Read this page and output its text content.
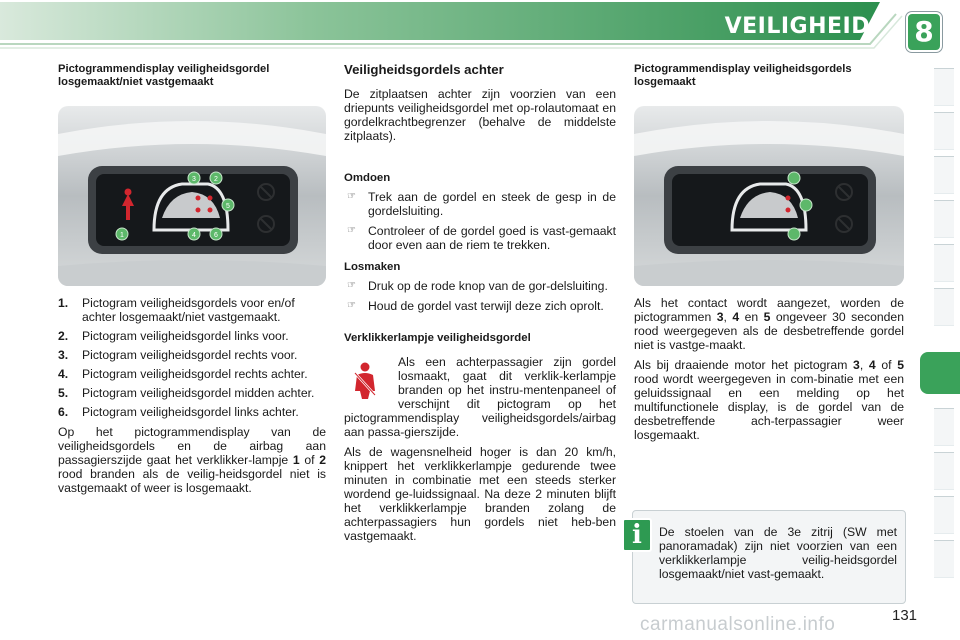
VEILIGHEID 8
Pictogrammendisplay veiligheidsgordel losgemaakt/niet vastgemaakt
3	2
5
4	6
1
1. Pictogram veiligheidsgordels voor en/of achter losgemaakt/niet vastgemaakt.
2. Pictogram veiligheidsgordel links voor.
3. Pictogram veiligheidsgordel rechts voor.
4. Pictogram veiligheidsgordel rechts achter.
5. Pictogram veiligheidsgordel midden achter.
6. Pictogram veiligheidsgordel links achter.

Op het pictogrammendisplay van de veiligheidsgordels en de airbag aan passagierszijde gaat het verklikker-lampje 1 of 2 rood branden als de veilig-heidsgordel niet is vastgemaakt of weer is losgemaakt.

Veiligheidsgordels achter

De zitplaatsen achter zijn voorzien van een driepunts veiligheidsgordel met op-rolautomaat en gordelkrachtbegrenzer (behalve de middelste zitplaats).

Omdoen
☞ Trek aan de gordel en steek de gesp in de gordelsluiting.
☞ Controleer of de gordel goed is vast-gemaakt door even aan de riem te trekken.
Losmaken
☞ Druk op de rode knop van de gor-delsluiting.
☞ Houd de gordel vast terwijl deze zich oprolt.
Verklikkerlampje veiligheidsgordel

Als een achterpassagier zijn gordel losmaakt, gaat dit verklik-kerlampje branden op het instru-mentenpaneel of verschijnt dit pictogram op het pictogrammendisplay veiligheidsgordels/airbag aan passa-gierszijde.

Als de wagensnelheid hoger is dan 20 km/h, knippert het verklikkerlampje gedurende twee minuten in combinatie met een steeds sterker wordend ge-luidssignaal. Na deze 2 minuten blijft het verklikkerlampje branden zolang de achterpassagiers hun gordels niet heb-ben vastgemaakt.

Pictogrammendisplay veiligheidsgordels losgemaakt

Als het contact wordt aangezet, worden de pictogrammen 3, 4 en 5 ongeveer 30 seconden rood weergegeven als de desbetreffende gordel niet is vastge-maakt.

Als bij draaiende motor het pictogram 3, 4 of 5 rood wordt weergegeven in com-binatie met een geluidssignaal en een melding op het multifunctionele display, is de gordel van de desbetreffende ach-terpassagier weer losgemaakt.

De stoelen van de 3e zitrij (SW met panoramadak) zijn niet voorzien van een verklikkerlampje veilig-heidsgordel losgemaakt/niet vast-gemaakt.

i
carmanualsonline.info	131
